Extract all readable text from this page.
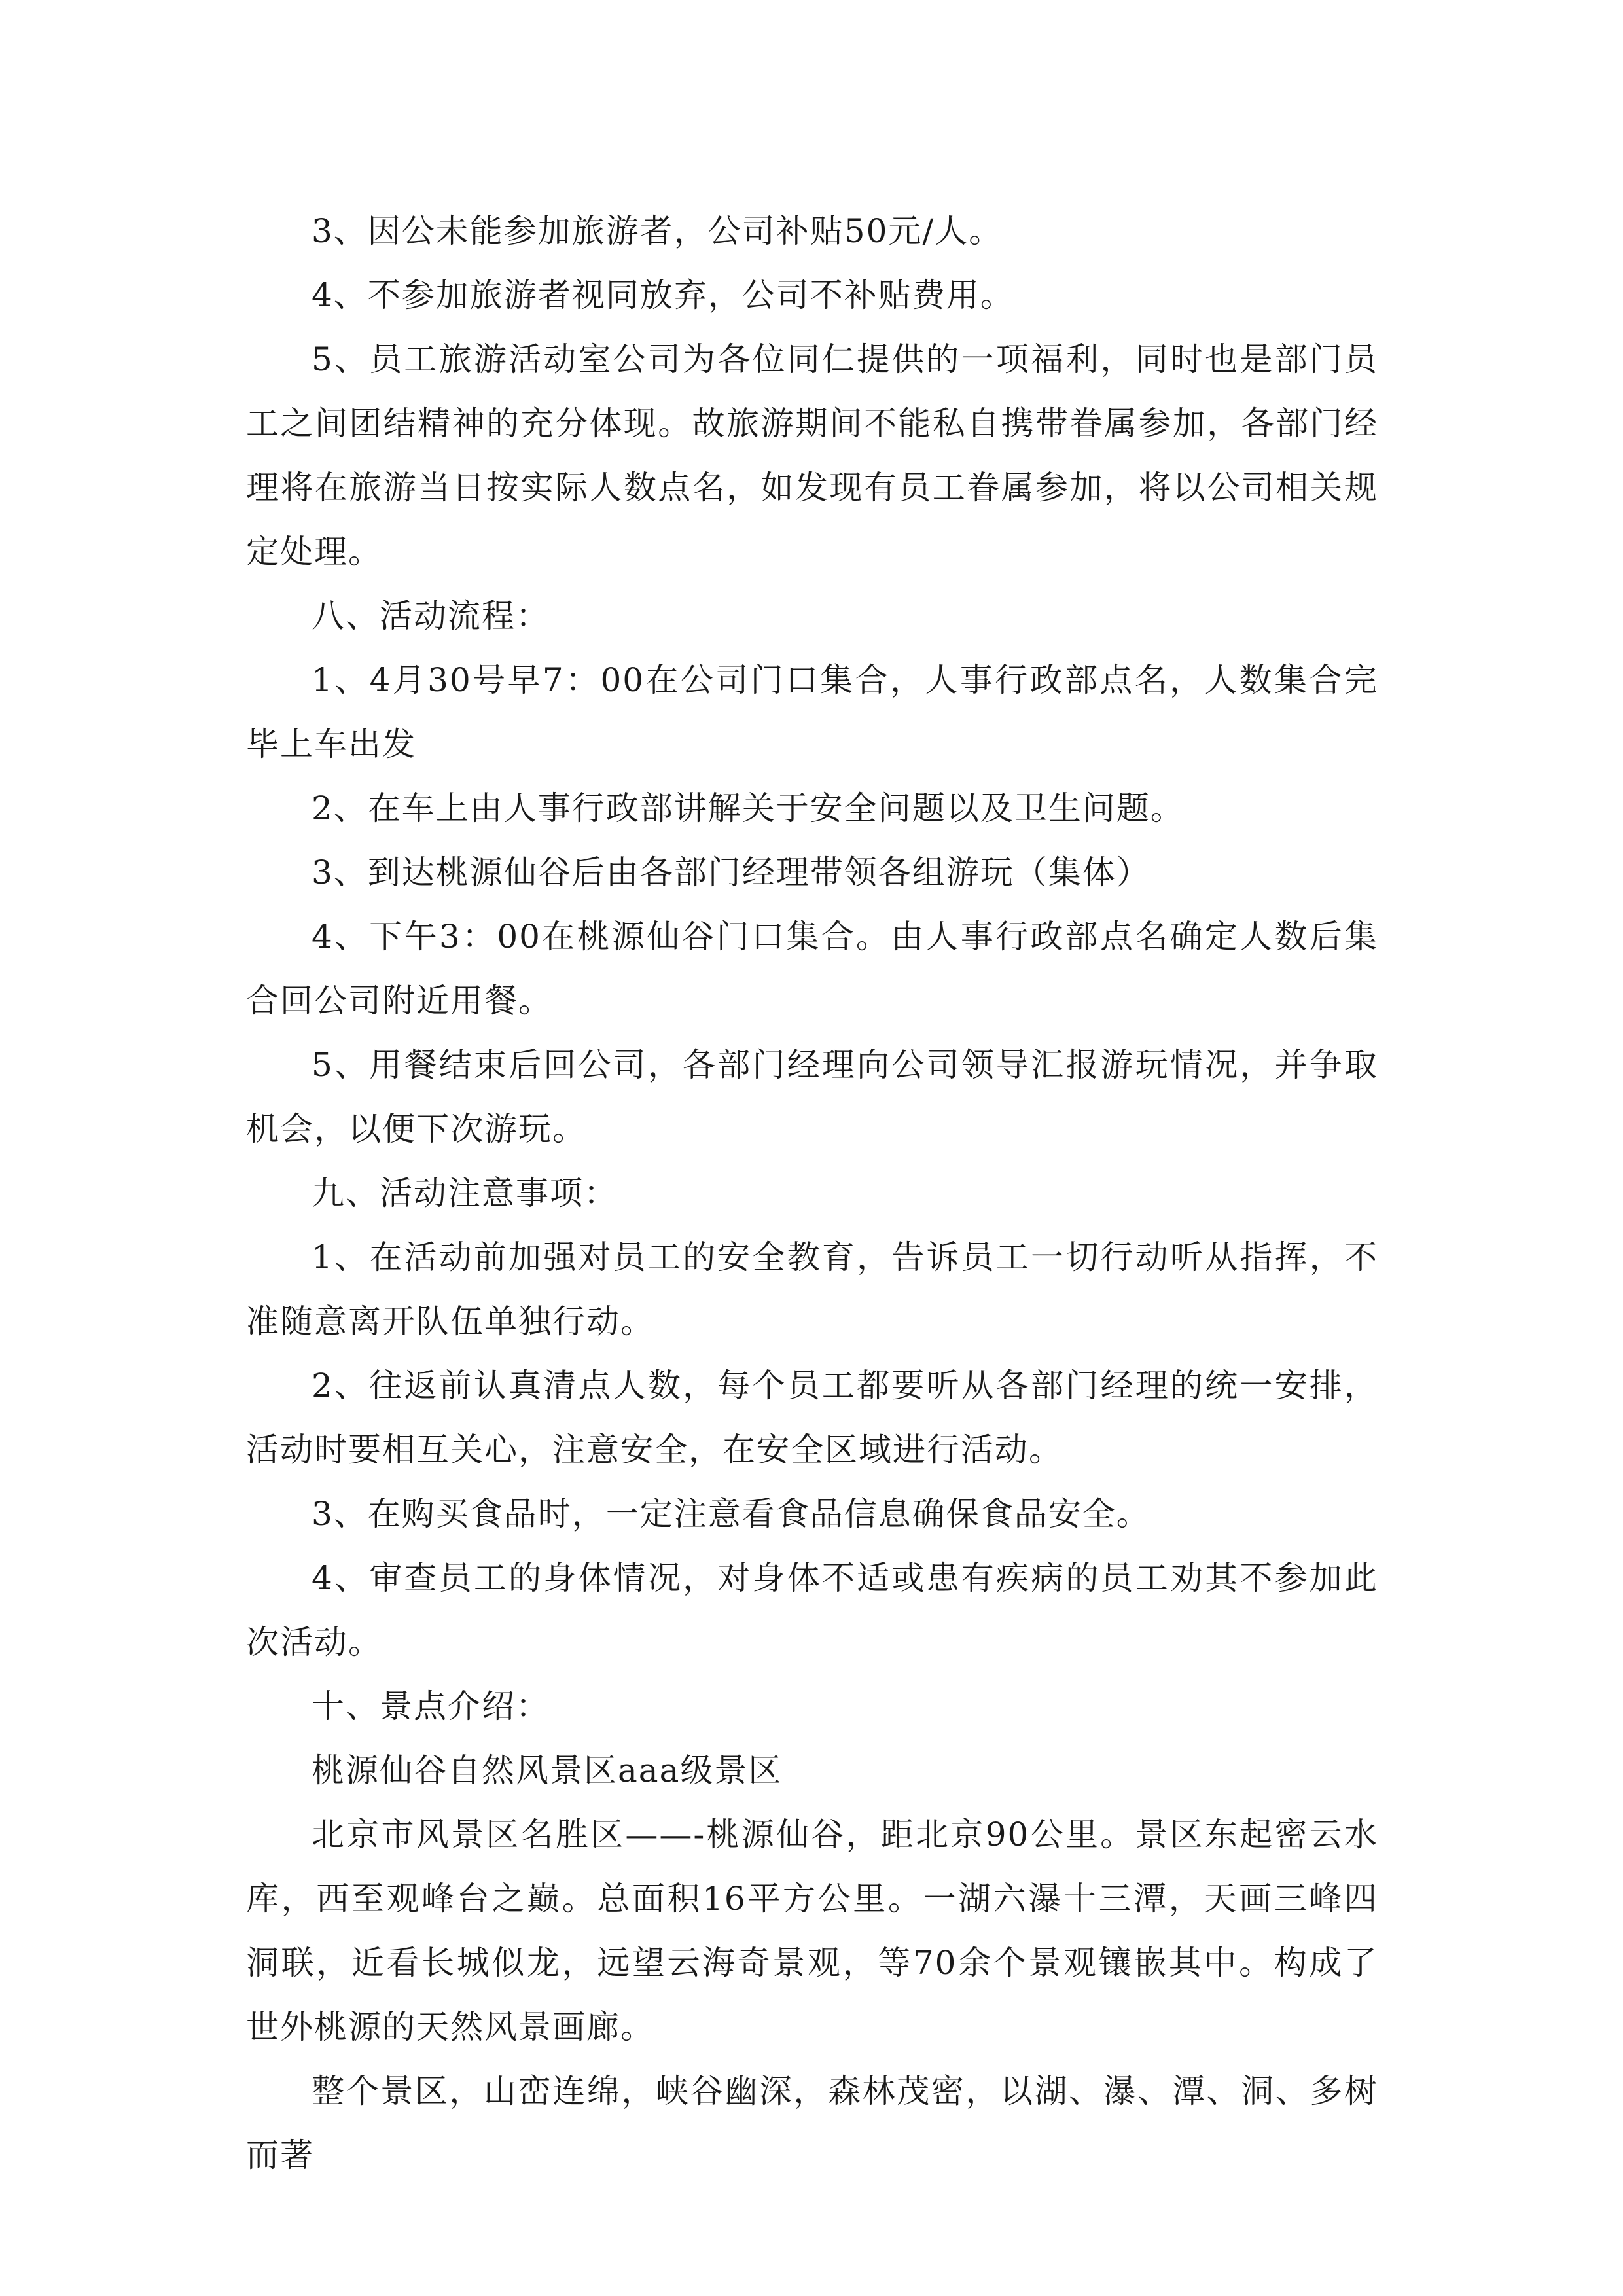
3、因公未能参加旅游者，公司补贴50元/人。

4、不参加旅游者视同放弃，公司不补贴费用。

5、员工旅游活动室公司为各位同仁提供的一项福利，同时也是部门员工之间团结精神的充分体现。故旅游期间不能私自携带眷属参加，各部门经理将在旅游当日按实际人数点名，如发现有员工眷属参加，将以公司相关规定处理。

八、活动流程：

1、4月30号早7：00在公司门口集合，人事行政部点名，人数集合完毕上车出发

2、在车上由人事行政部讲解关于安全问题以及卫生问题。

3、到达桃源仙谷后由各部门经理带领各组游玩（集体）

4、下午3：00在桃源仙谷门口集合。由人事行政部点名确定人数后集合回公司附近用餐。

5、用餐结束后回公司，各部门经理向公司领导汇报游玩情况，并争取机会，以便下次游玩。

九、活动注意事项：

1、在活动前加强对员工的安全教育，告诉员工一切行动听从指挥，不准随意离开队伍单独行动。

2、往返前认真清点人数，每个员工都要听从各部门经理的统一安排，活动时要相互关心，注意安全，在安全区域进行活动。

3、在购买食品时，一定注意看食品信息确保食品安全。

4、审查员工的身体情况，对身体不适或患有疾病的员工劝其不参加此次活动。

十、景点介绍：

桃源仙谷自然风景区aaa级景区

北京市风景区名胜区——-桃源仙谷，距北京90公里。景区东起密云水库，西至观峰台之巅。总面积16平方公里。一湖六瀑十三潭，天画三峰四洞联，近看长城似龙，远望云海奇景观，等70余个景观镶嵌其中。构成了世外桃源的天然风景画廊。

整个景区，山峦连绵，峡谷幽深，森林茂密，以湖、瀑、潭、洞、多树而著
